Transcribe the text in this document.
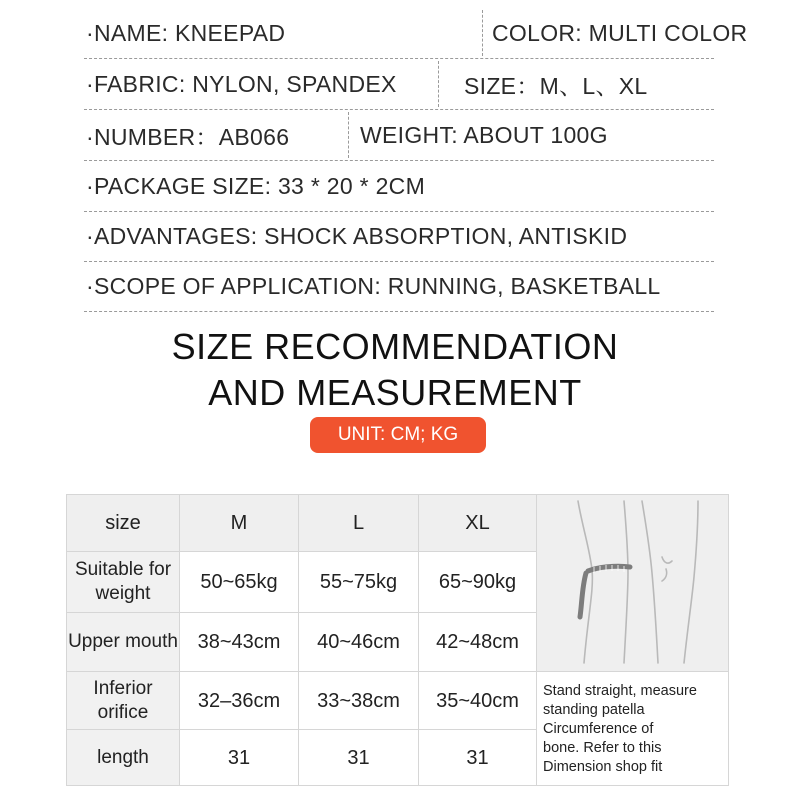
·NAME: KNEEPAD	COLOR: MULTI COLOR
·FABRIC: NYLON, SPANDEX	SIZE：M、L、XL
·NUMBER：AB066	WEIGHT: ABOUT 100G
·PACKAGE SIZE: 33 * 20 * 2CM
·ADVANTAGES: SHOCK ABSORPTION, ANTISKID
·SCOPE OF APPLICATION: RUNNING, BASKETBALL
SIZE RECOMMENDATION
AND MEASUREMENT
UNIT: CM; KG
size	M	L	XL	
Suitable for weight	50~65kg	55~75kg	65~90kg	
Upper mouth	38~43cm	40~46cm	42~48cm	
Inferior orifice	32–36cm	33~38cm	35~40cm	Stand straight, measure
standing patella
Circumference of
bone. Refer to this
Dimension shop fit

length	31	31	31	
